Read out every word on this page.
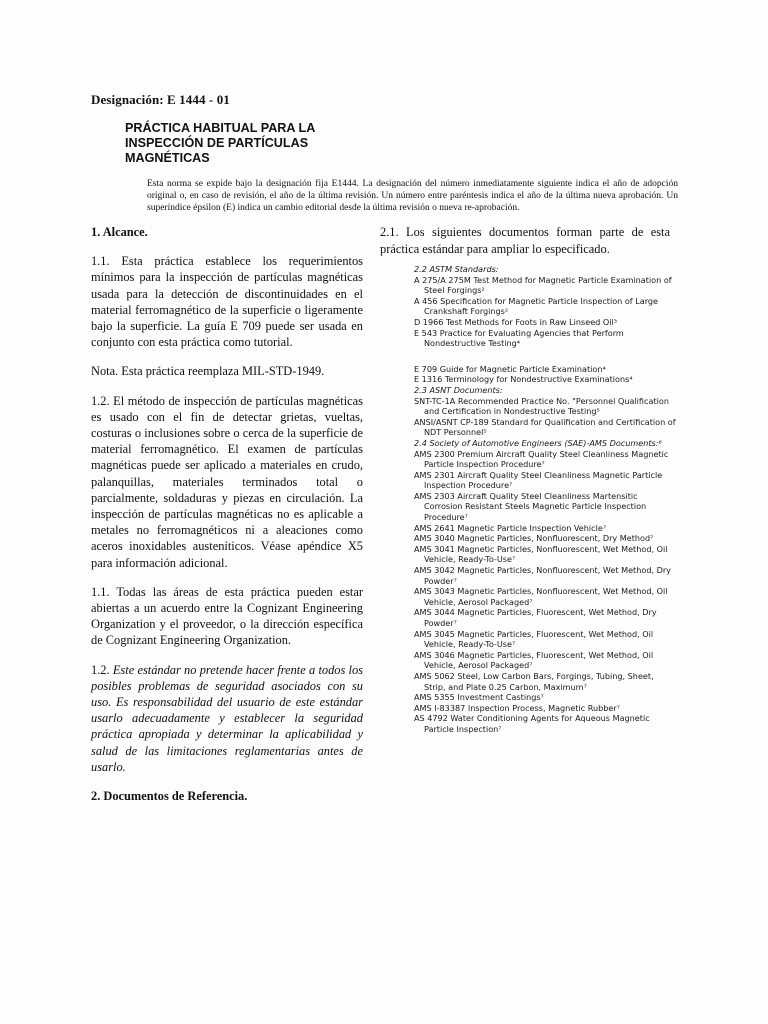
Designación: E 1444 - 01
PRÁCTICA HABITUAL PARA LA
INSPECCIÓN DE PARTÍCULAS
MAGNÉTICAS
Esta norma se expide bajo la designación fija E1444. La designación del número inmediatamente siguiente indica el año de adopción original o, en caso de revisión, el año de la última revisión. Un número entre paréntesis indica el año de la última nueva aprobación. Un superíndice épsilon (E) indica un cambio editorial desde la última revisión o nueva re-aprobación.
1. Alcance.

1.1. Esta práctica establece los requerimientos mínimos para la inspección de partículas magnéticas usada para la detección de discontinuidades en el material ferromagnético de la superficie o ligeramente bajo la superficie. La guía E 709 puede ser usada en conjunto con esta práctica como tutorial.

Nota. Esta práctica reemplaza MIL-STD-1949.

1.2. El método de inspección de partículas magnéticas es usado con el fin de detectar grietas, vueltas, costuras o inclusiones sobre o cerca de la superficie de material ferromagnético. El examen de partículas magnéticas puede ser aplicado a materiales en crudo, palanquillas, materiales terminados total o parcialmente, soldaduras y piezas en circulación. La inspección de partículas magnéticas no es aplicable a metales no ferromagnéticos ni a aleaciones como aceros inoxidables austeníticos. Véase apéndice X5 para información adicional.

1.1. Todas las áreas de esta práctica pueden estar abiertas a un acuerdo entre la Cognizant Engineering Organization y el proveedor, o la dirección específica de Cognizant Engineering Organization.

1.2. Este estándar no pretende hacer frente a todos los posibles problemas de seguridad asociados con su uso. Es responsabilidad del usuario de este estándar usarlo adecuadamente y establecer la seguridad práctica apropiada y determinar la aplicabilidad y salud de las limitaciones reglamentarias antes de usarlo.

2. Documentos de Referencia.

2.1. Los siguientes documentos forman parte de esta práctica estándar para ampliar lo especificado.

2.2 ASTM Standards:
A 275/A 275M Test Method for Magnetic Particle Examination of Steel Forgings²
A 456 Specification for Magnetic Particle Inspection of Large Crankshaft Forgings²
D 1966 Test Methods for Foots in Raw Linseed Oil³
E 543 Practice for Evaluating Agencies that Perform Nondestructive Testing⁴
E 709 Guide for Magnetic Particle Examination⁴
E 1316 Terminology for Nondestructive Examinations⁴
2.3 ASNT Documents:
SNT-TC-1A Recommended Practice No. "Personnel Qualification and Certification in Nondestructive Testing⁵
ANSI/ASNT CP-189 Standard for Qualification and Certification of NDT Personnel⁵
2.4 Society of Automotive Engineers (SAE)-AMS Documents:⁶
AMS 2300 Premium Aircraft Quality Steel Cleanliness Magnetic Particle Inspection Procedure⁷
AMS 2301 Aircraft Quality Steel Cleanliness Magnetic Particle Inspection Procedure⁷
AMS 2303 Aircraft Quality Steel Cleanliness Martensitic Corrosion Resistant Steels Magnetic Particle Inspection Procedure⁷
AMS 2641 Magnetic Particle Inspection Vehicle⁷
AMS 3040 Magnetic Particles, Nonfluorescent, Dry Method⁷
AMS 3041 Magnetic Particles, Nonfluorescent, Wet Method, Oil Vehicle, Ready-To-Use⁷
AMS 3042 Magnetic Particles, Nonfluorescent, Wet Method, Dry Powder⁷
AMS 3043 Magnetic Particles, Nonfluorescent, Wet Method, Oil Vehicle, Aerosol Packaged⁷
AMS 3044 Magnetic Particles, Fluorescent, Wet Method, Dry Powder⁷
AMS 3045 Magnetic Particles, Fluorescent, Wet Method, Oil Vehicle, Ready-To-Use⁷
AMS 3046 Magnetic Particles, Fluorescent, Wet Method, Oil Vehicle, Aerosol Packaged⁷
AMS 5062 Steel, Low Carbon Bars, Forgings, Tubing, Sheet, Strip, and Plate 0.25 Carbon, Maximum⁷
AMS 5355 Investment Castings⁷
AMS I-83387 Inspection Process, Magnetic Rubber⁷
AS 4792 Water Conditioning Agents for Aqueous Magnetic Particle Inspection⁷
